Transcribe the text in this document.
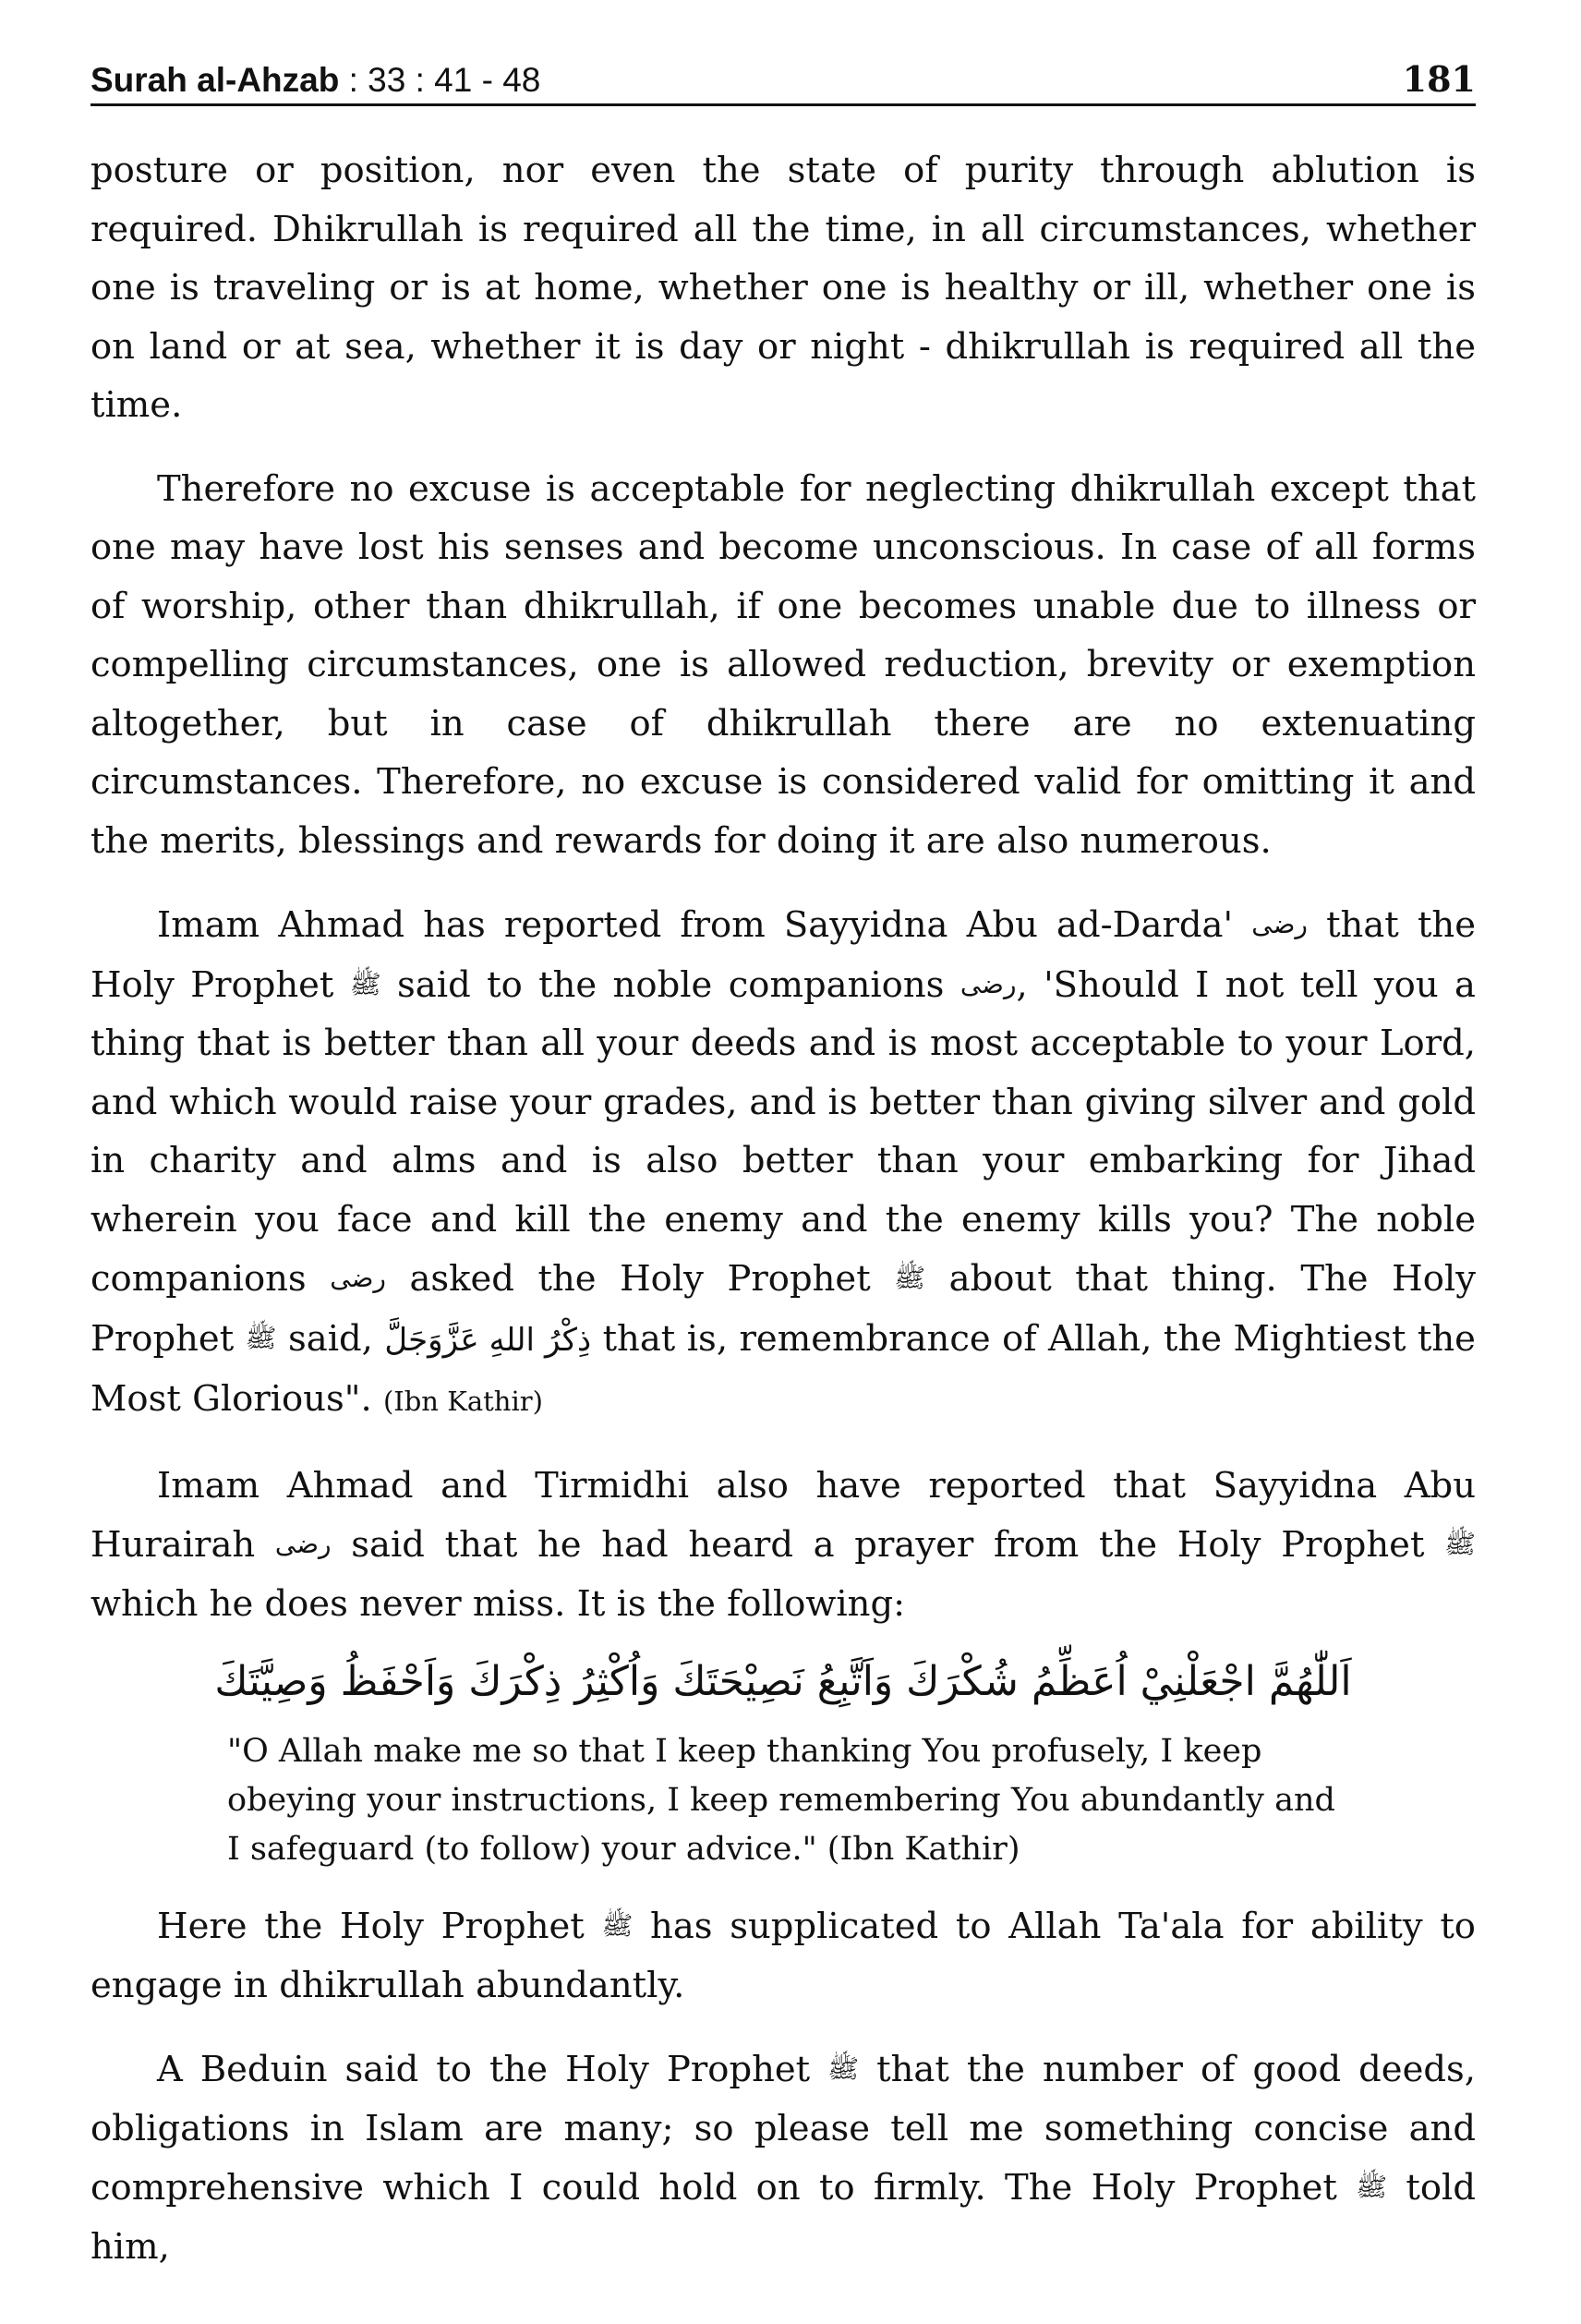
Surah al-Ahzab : 33 : 41 - 48	181

posture or position, nor even the state of purity through ablution is required. Dhikrullah is required all the time, in all circumstances, whether one is traveling or is at home, whether one is healthy or ill, whether one is on land or at sea, whether it is day or night - dhikrullah is required all the time.

Therefore no excuse is acceptable for neglecting dhikrullah except that one may have lost his senses and become unconscious. In case of all forms of worship, other than dhikrullah, if one becomes unable due to illness or compelling circumstances, one is allowed reduction, brevity or exemption altogether, but in case of dhikrullah there are no extenuating circumstances. Therefore, no excuse is considered valid for omitting it and the merits, blessings and rewards for doing it are also numerous.

Imam Ahmad has reported from Sayyidna Abu ad-Darda' رضی that the Holy Prophet ﷺ said to the noble companions رضی, 'Should I not tell you a thing that is better than all your deeds and is most acceptable to your Lord, and which would raise your grades, and is better than giving silver and gold in charity and alms and is also better than your embarking for Jihad wherein you face and kill the enemy and the enemy kills you? The noble companions رضی asked the Holy Prophet ﷺ about that thing. The Holy Prophet ﷺ said, ذِكْرُ اللهِ عَزَّوَجَلَّ that is, remembrance of Allah, the Mightiest the Most Glorious". (Ibn Kathir)

Imam Ahmad and Tirmidhi also have reported that Sayyidna Abu Hurairah رضی said that he had heard a prayer from the Holy Prophet ﷺ which he does never miss. It is the following:

اَللّٰهُمَّ اجْعَلْنِيْ اُعَظِّمُ شُكْرَكَ وَاَتَّبِعُ نَصِيْحَتَكَ وَاُكْثِرُ ذِكْرَكَ وَاَحْفَظُ وَصِيَّتَكَ
"O Allah make me so that I keep thanking You profusely, I keep obeying your instructions, I keep remembering You abundantly and I safeguard (to follow) your advice." (Ibn Kathir)

Here the Holy Prophet ﷺ has supplicated to Allah Ta'ala for ability to engage in dhikrullah abundantly.

A Beduin said to the Holy Prophet ﷺ that the number of good deeds, obligations in Islam are many; so please tell me something concise and comprehensive which I could hold on to firmly. The Holy Prophet ﷺ told him,
